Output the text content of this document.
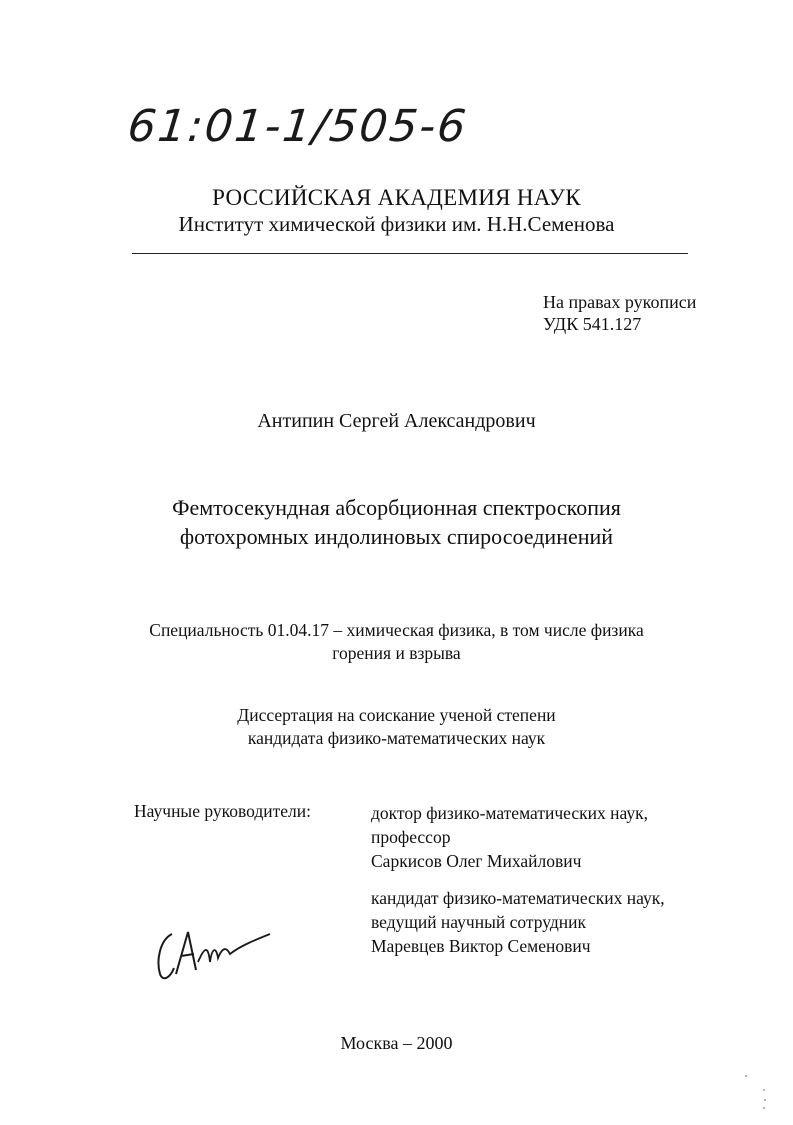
61:01-1/505-6
РОССИЙСКАЯ АКАДЕМИЯ НАУК
Институт химической физики им. Н.Н.Семенова
На правах рукописи
УДК 541.127
Антипин Сергей Александрович
Фемтосекундная абсорбционная спектроскопия
фотохромных индолиновых спиросоединений
Специальность 01.04.17 – химическая физика, в том числе физика
горения и взрыва
Диссертация на соискание ученой степени
кандидата физико-математических наук
Научные руководители:	доктор физико-математических наук,
профессор
Саркисов Олег Михайлович
кандидат физико-математических наук,
ведущий научный сотрудник
Маревцев Виктор Семенович
Москва – 2000
